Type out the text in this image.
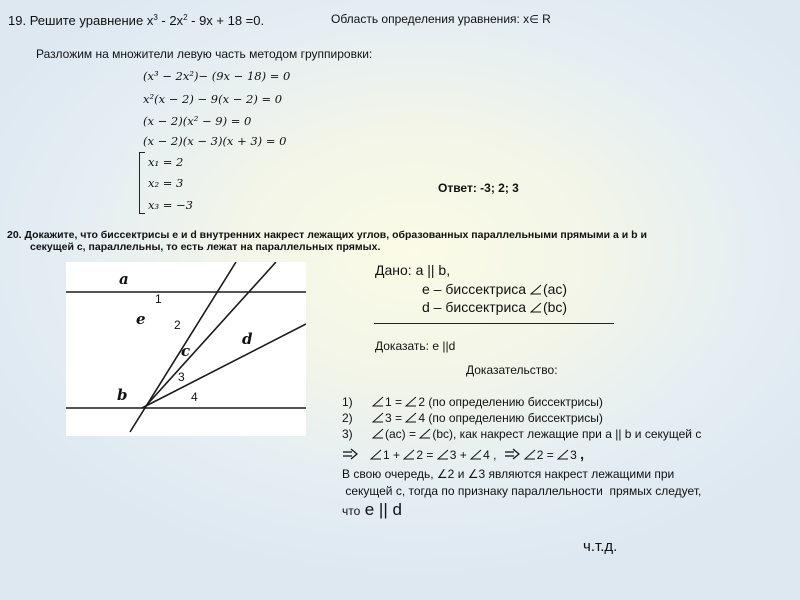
19. Решите уравнение $x^3 - 2x^2 - 9x + 18 =0$.	Область определения уравнения: x∈ R
Разложим на множители левую часть методом группировки:
(x³ − 2x²)− (9x − 18) = 0
x²(x − 2) − 9(x − 2) = 0
(x − 2)(x² − 9) = 0
(x − 2)(x − 3)(x + 3) = 0
x₁ = 2
x₂ = 3
x₃ = −3
Ответ: -3; 2; 3
20. Докажите, что биссектрисы e и d внутренних накрест лежащих углов, образованных параллельными прямыми a и b и
секущей c, параллельны, то есть лежат на параллельных прямых.
a
e
c
d
b
1
2
3
4
Дано: a || b,
e – биссектриса (ac)
d – биссектриса (bc)
Доказать: e ||d
Доказательство:
1)	1 = 2 (по определению биссектрисы)
2)	3 = 4 (по определению биссектрисы)
3)	(ac) = (bc), как накрест лежащие при a || b и секущей c
1 + 2 = 3 + 4 ,	2 = 3 ,
В свою очередь, ∠2 и ∠3 являются накрест лежащими при
секущей c, тогда по признаку параллельности  прямых следует,
что e || d
ч.т.д.
